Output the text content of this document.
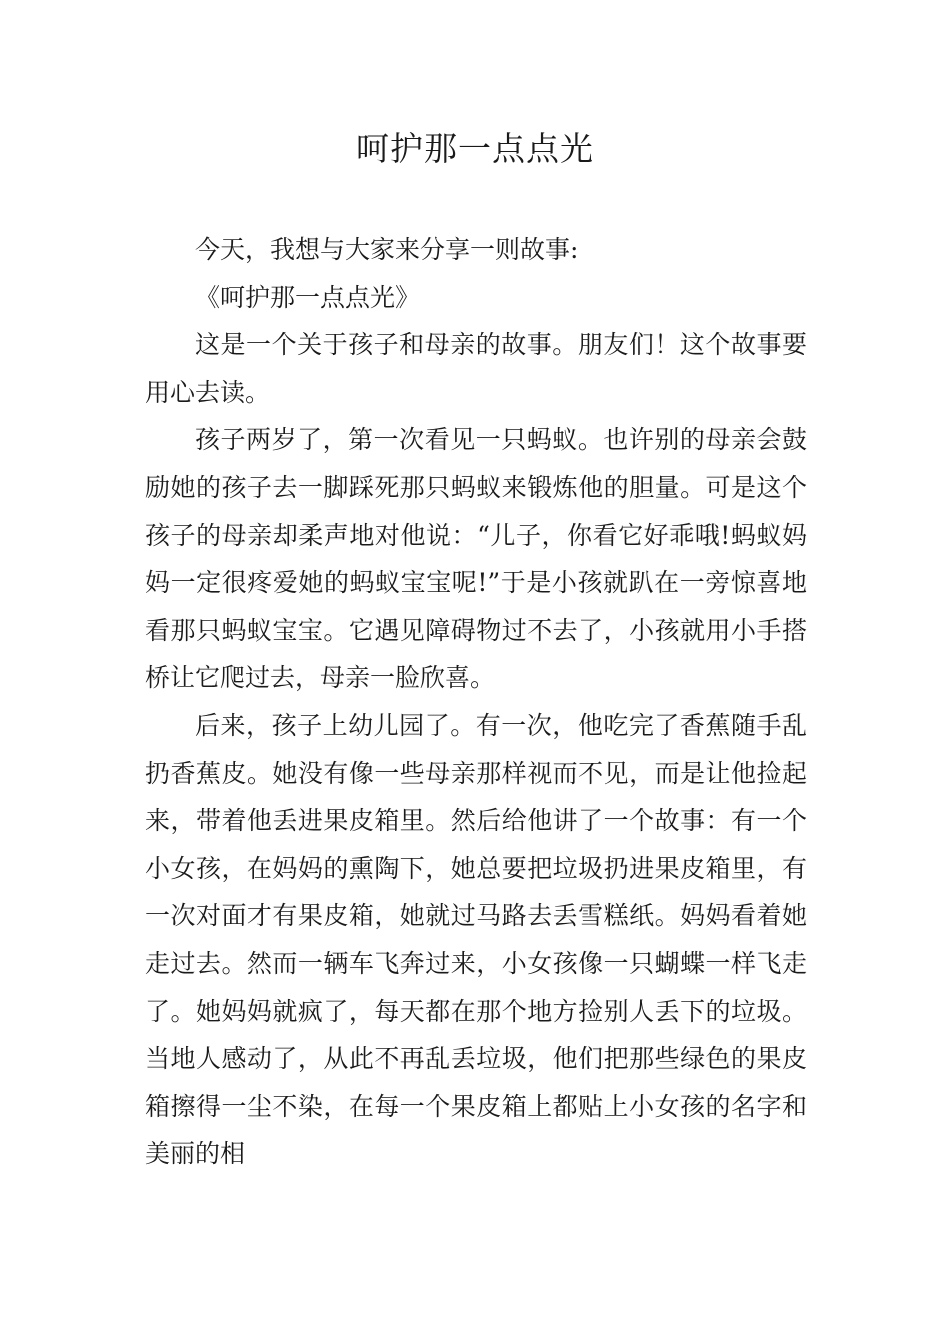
呵护那一点点光

今天，我想与大家来分享一则故事:

《呵护那一点点光》

这是一个关于孩子和母亲的故事。朋友们！这个故事要用心去读。

孩子两岁了，第一次看见一只蚂蚁。也许别的母亲会鼓励她的孩子去一脚踩死那只蚂蚁来锻炼他的胆量。可是这个孩子的母亲却柔声地对他说：“儿子，你看它好乖哦!蚂蚁妈妈一定很疼爱她的蚂蚁宝宝呢!”于是小孩就趴在一旁惊喜地看那只蚂蚁宝宝。它遇见障碍物过不去了，小孩就用小手搭桥让它爬过去，母亲一脸欣喜。

后来，孩子上幼儿园了。有一次，他吃完了香蕉随手乱扔香蕉皮。她没有像一些母亲那样视而不见，而是让他捡起来，带着他丢进果皮箱里。然后给他讲了一个故事：有一个小女孩，在妈妈的熏陶下，她总要把垃圾扔进果皮箱里，有一次对面才有果皮箱，她就过马路去丢雪糕纸。妈妈看着她走过去。然而一辆车飞奔过来，小女孩像一只蝴蝶一样飞走了。她妈妈就疯了，每天都在那个地方捡别人丢下的垃圾。当地人感动了，从此不再乱丢垃圾，他们把那些绿色的果皮箱擦得一尘不染，在每一个果皮箱上都贴上小女孩的名字和美丽的相
